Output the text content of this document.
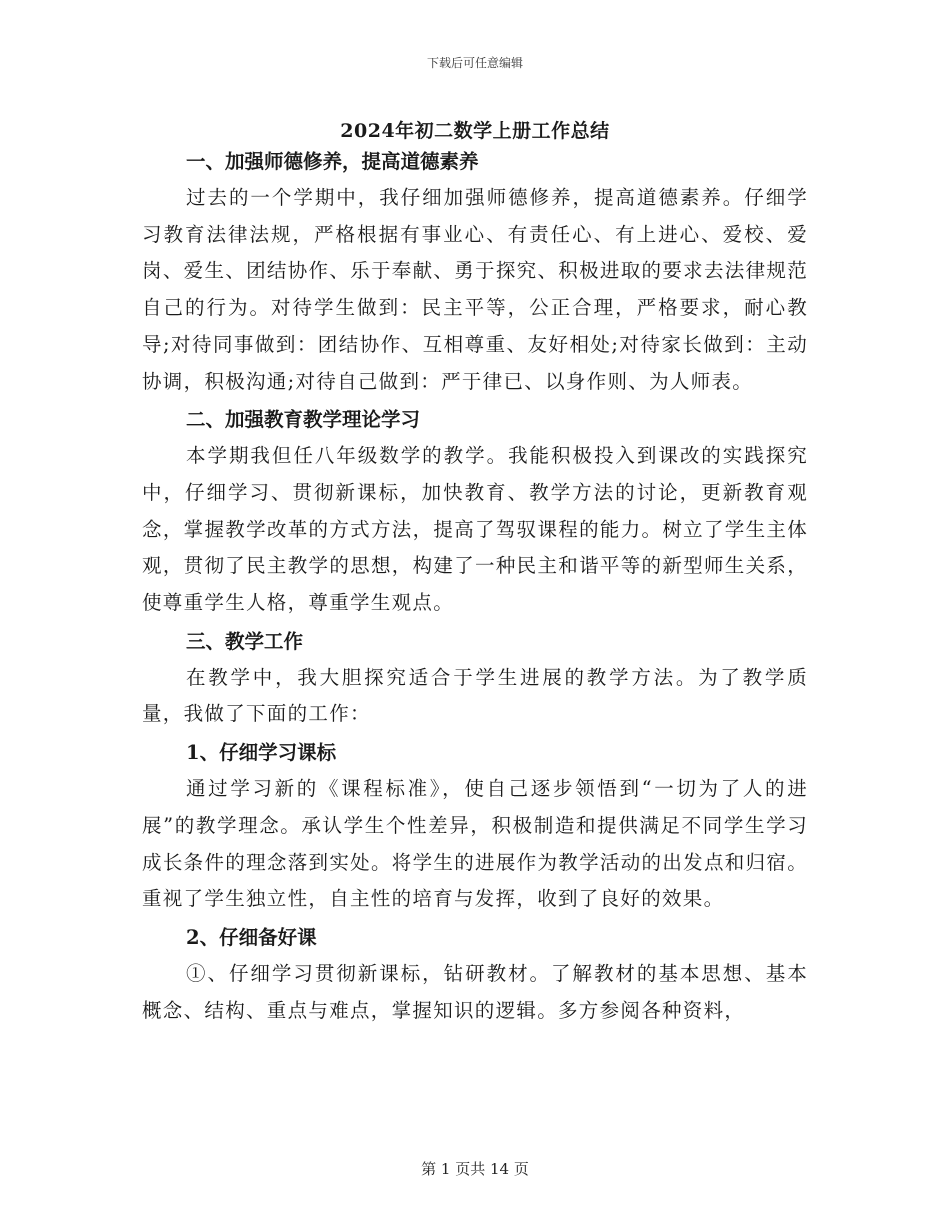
下载后可任意编辑
2024年初二数学上册工作总结
一、加强师德修养，提高道德素养

过去的一个学期中，我仔细加强师德修养，提高道德素养。仔细学习教育法律法规，严格根据有事业心、有责任心、有上进心、爱校、爱岗、爱生、团结协作、乐于奉献、勇于探究、积极进取的要求去法律规范自己的行为。对待学生做到：民主平等，公正合理，严格要求，耐心教导;对待同事做到：团结协作、互相尊重、友好相处;对待家长做到：主动协调，积极沟通;对待自己做到：严于律已、以身作则、为人师表。

二、加强教育教学理论学习

本学期我但任八年级数学的教学。我能积极投入到课改的实践探究中，仔细学习、贯彻新课标，加快教育、教学方法的讨论，更新教育观念，掌握教学改革的方式方法，提高了驾驭课程的能力。树立了学生主体观，贯彻了民主教学的思想，构建了一种民主和谐平等的新型师生关系，使尊重学生人格，尊重学生观点。

三、教学工作

在教学中，我大胆探究适合于学生进展的教学方法。为了教学质量，我做了下面的工作：

1、仔细学习课标

通过学习新的《课程标准》，使自己逐步领悟到“一切为了人的进展”的教学理念。承认学生个性差异，积极制造和提供满足不同学生学习成长条件的理念落到实处。将学生的进展作为教学活动的出发点和归宿。重视了学生独立性，自主性的培育与发挥，收到了良好的效果。

2、仔细备好课

①、仔细学习贯彻新课标，钻研教材。了解教材的基本思想、基本概念、结构、重点与难点，掌握知识的逻辑。多方参阅各种资料，

第 1 页共 14 页
